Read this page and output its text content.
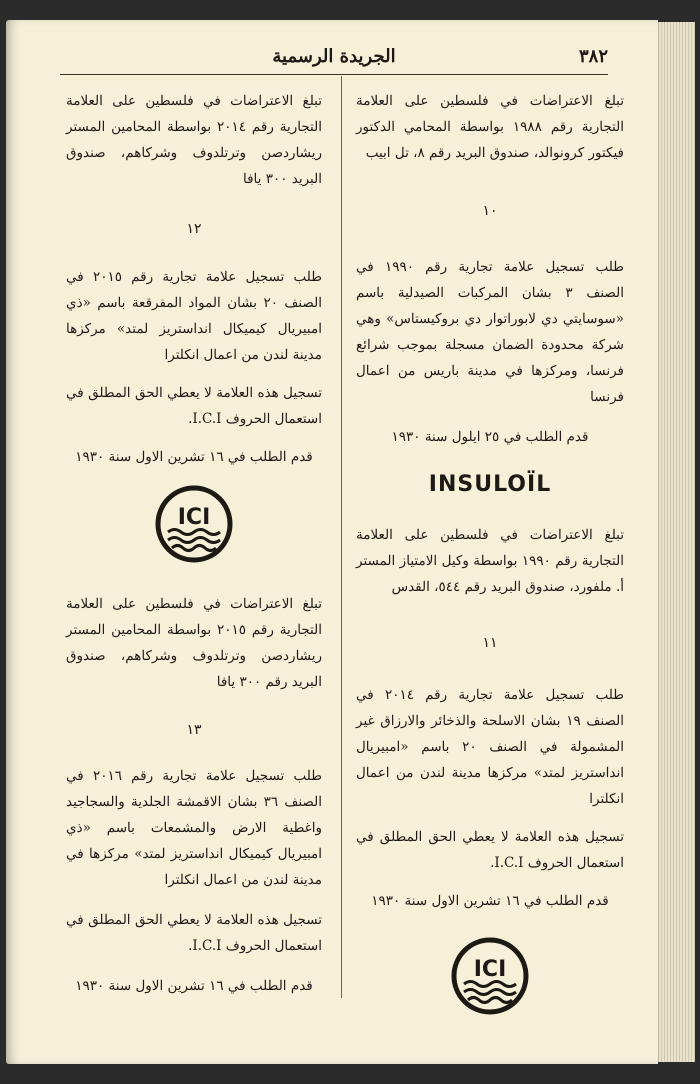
٣٨٢
الجريدة الرسمية

تبلغ الاعتراضات في فلسطين على العلامة التجارية رقم ١٩٨٨ بواسطة المحامي الدكتور فيكتور كرونوالد، صندوق البريد رقم ٨، تل ابيب

١٠

طلب تسجيل علامة تجارية رقم ١٩٩٠ في الصنف ٣ بشان المركبات الصيدلية باسم «سوسايتي دي لابوراتوار دي بروكيستاس» وهي شركة محدودة الضمان مسجلة بموجب شرائع فرنسا، ومركزها في مدينة باريس من اعمال فرنسا

قدم الطلب في ٢٥ ايلول سنة ١٩٣٠

INSULOÏL

تبلغ الاعتراضات في فلسطين على العلامة التجارية رقم ١٩٩٠ بواسطة وكيل الامتياز المستر أ. ملفورد، صندوق البريد رقم ٥٤٤، القدس

١١

طلب تسجيل علامة تجارية رقم ٢٠١٤ في الصنف ١٩ بشان الاسلحة والذخائر والارزاق غير المشمولة في الصنف ٢٠ باسم «امبيريال انداستريز لمتد» مركزها مدينة لندن من اعمال انكلترا

تسجيل هذه العلامة لا يعطي الحق المطلق في استعمال الحروف I.C.I.

قدم الطلب في ١٦ تشرين الاول سنة ١٩٣٠

ICI

تبلغ الاعتراضات في فلسطين على العلامة التجارية رقم ٢٠١٤ بواسطة المحامين المستر ريشاردصن وترتلدوف وشركاهم، صندوق البريد ٣٠٠ يافا

١٢

طلب تسجيل علامة تجارية رقم ٢٠١٥ في الصنف ٢٠ بشان المواد المفرقعة باسم «ذي امبيريال كيميكال انداستريز لمتد» مركزها مدينة لندن من اعمال انكلترا

تسجيل هذه العلامة لا يعطي الحق المطلق في استعمال الحروف I.C.I.

قدم الطلب في ١٦ تشرين الاول سنة ١٩٣٠

ICI

تبلغ الاعتراضات في فلسطين على العلامة التجارية رقم ٢٠١٥ بواسطة المحامين المستر ريشاردصن وترتلدوف وشركاهم، صندوق البريد رقم ٣٠٠ يافا

١٣

طلب تسجيل علامة تجارية رقم ٢٠١٦ في الصنف ٣٦ بشان الاقمشة الجلدية والسجاجيد واغطية الارض والمشمعات باسم «ذي امبيريال كيميكال انداستريز لمتد» مركزها في مدينة لندن من اعمال انكلترا

تسجيل هذه العلامة لا يعطي الحق المطلق في استعمال الحروف I.C.I.

قدم الطلب في ١٦ تشرين الاول سنة ١٩٣٠
